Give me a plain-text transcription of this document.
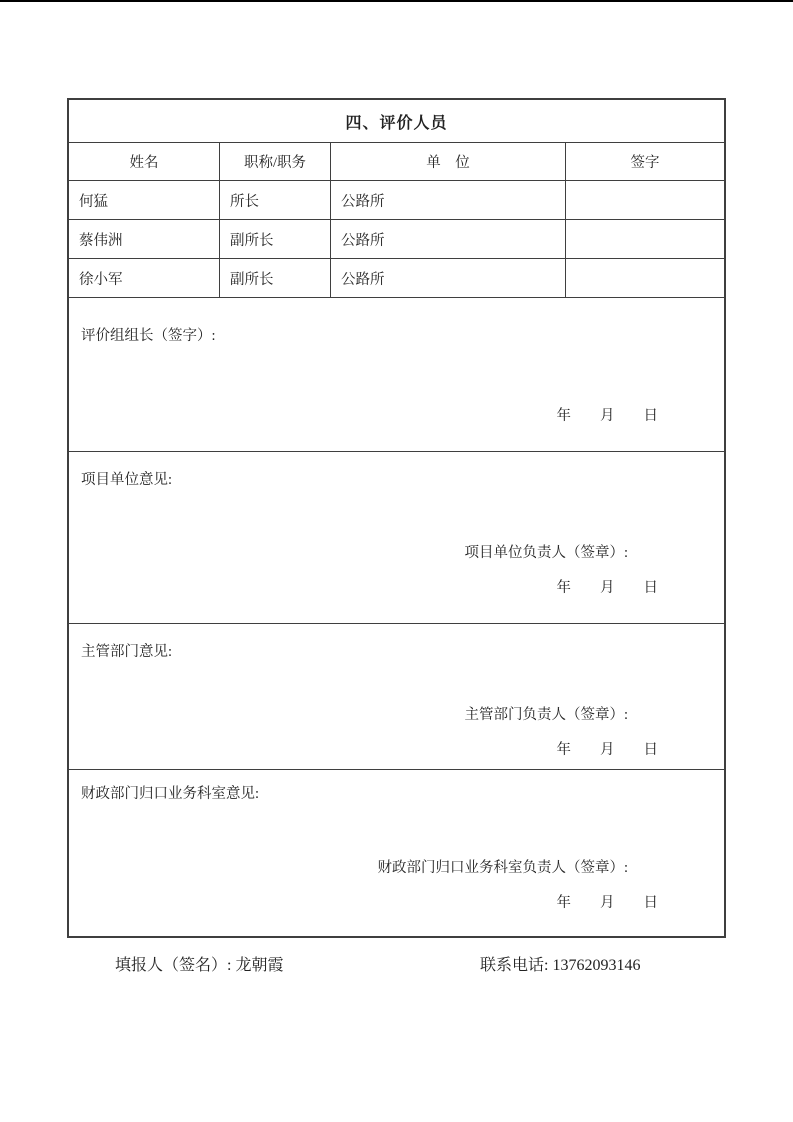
四、评价人员
姓名	职称/职务	单　位	签字
何猛	所长	公路所
蔡伟洲	副所长	公路所
徐小军	副所长	公路所
评价组组长（签字）:
年　　月　　日
项目单位意见:
项目单位负责人（签章）:
年　　月　　日
主管部门意见:
主管部门负责人（签章）:
年　　月　　日
财政部门归口业务科室意见:
财政部门归口业务科室负责人（签章）:
年　　月　　日
填报人（签名）: 龙朝霞	联系电话: 13762093146
